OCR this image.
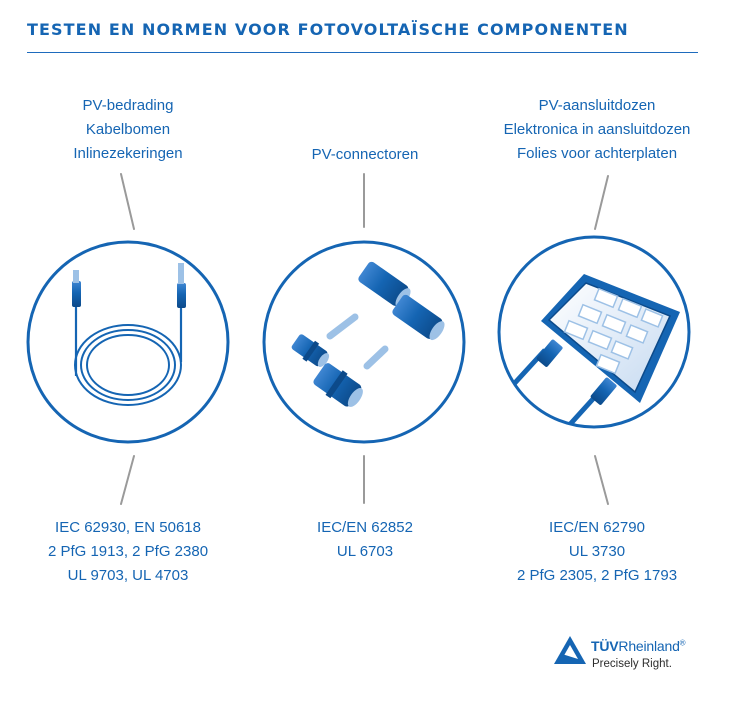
TESTEN EN NORMEN VOOR FOTOVOLTAÏSCHE COMPONENTEN
PV-bedrading
Kabelbomen
Inlinezekeringen	PV-connectoren
PV-aansluitdozen
Elektronica in aansluitdozen
Folies voor achterplaten
IEC 62930, EN 50618
2 PfG 1913, 2 PfG 2380
UL 9703, UL 4703
IEC/EN 62852
UL 6703
IEC/EN 62790
UL 3730
2 PfG 2305, 2 PfG 1793
TÜVRheinland®
Precisely Right.
